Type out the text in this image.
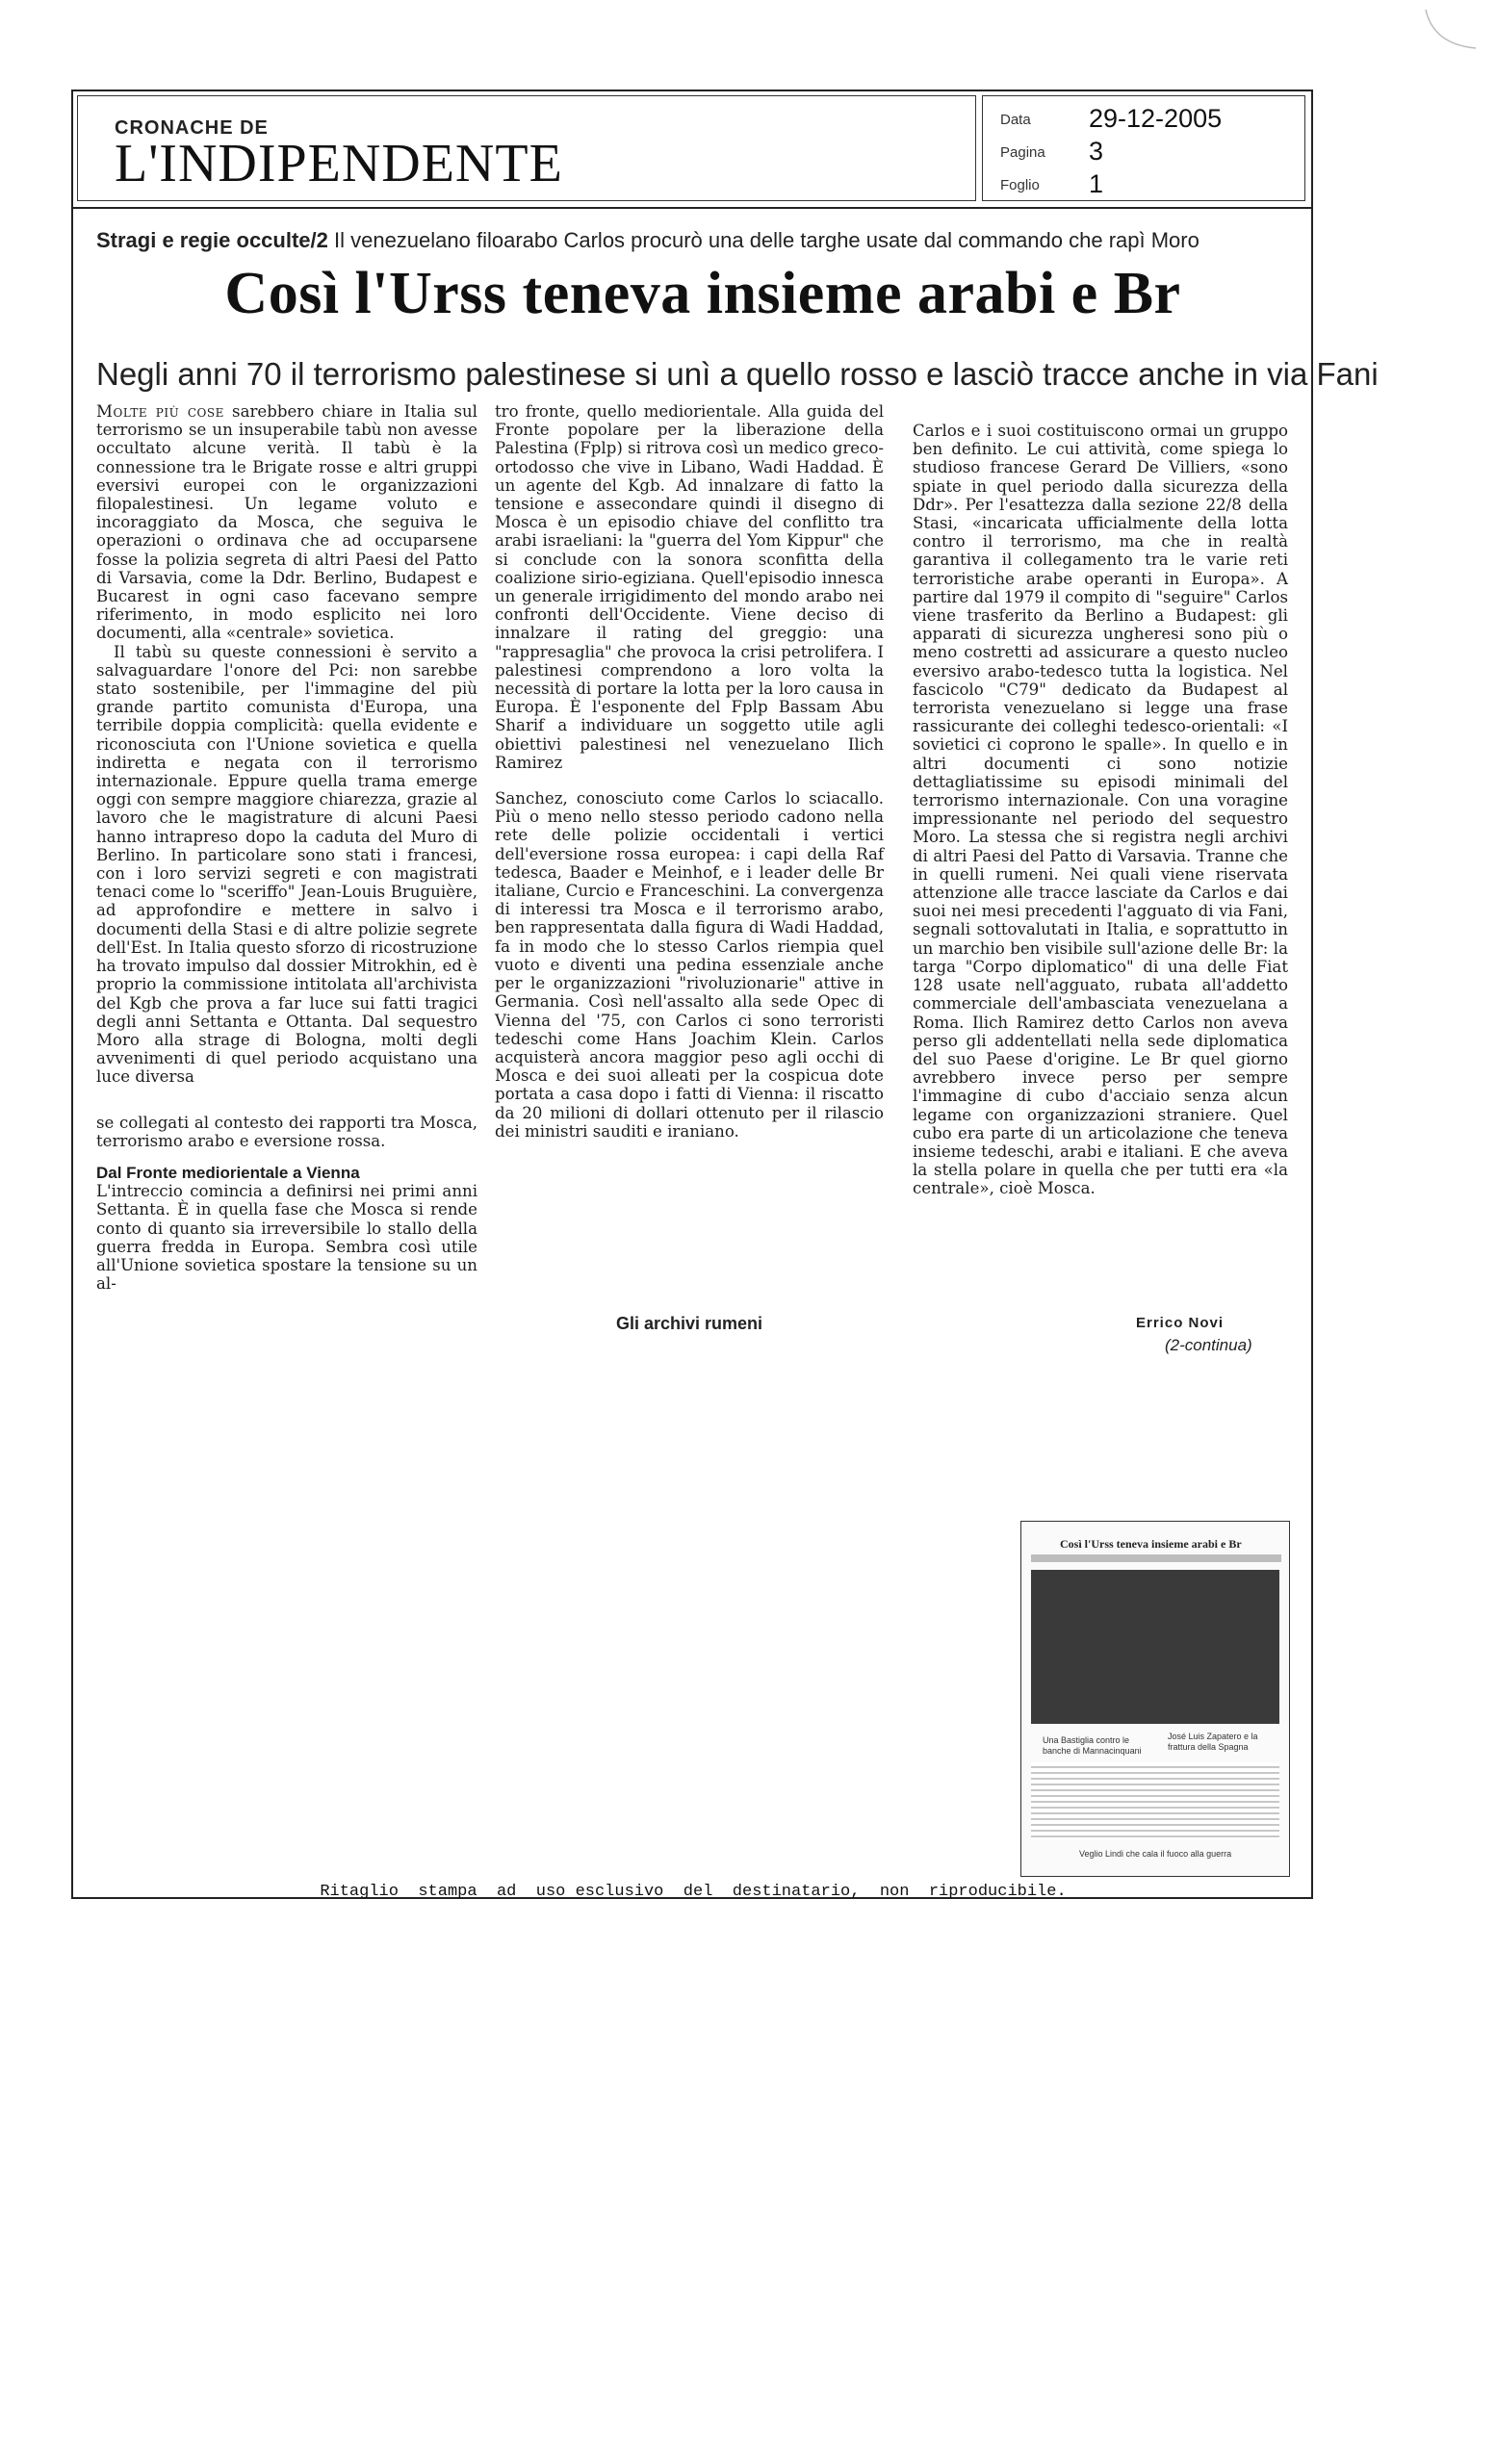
CRONACHE DE
L'INDIPENDENTE
Data 29-12-2005
Pagina 3
Foglio 1
Stragi e regie occulte/2 Il venezuelano filoarabo Carlos procurò una delle targhe usate dal commando che rapì Moro
Così l'Urss teneva insieme arabi e Br
Negli anni 70 il terrorismo palestinese si unì a quello rosso e lasciò tracce anche in via Fani

Molte più cose sarebbero chiare in Italia sul terrorismo se un insuperabile tabù non avesse occultato alcune verità. Il tabù è la connessione tra le Brigate rosse e altri gruppi eversivi europei con le organizzazioni filopalestinesi. Un legame voluto e incoraggiato da Mosca, che seguiva le operazioni o ordinava che ad occuparsene fosse la polizia segreta di altri Paesi del Patto di Varsavia, come la Ddr. Berlino, Budapest e Bucarest in ogni caso facevano sempre riferimento, in modo esplicito nei loro documenti, alla «centrale» sovietica.

Il tabù su queste connessioni è servito a salvaguardare l'onore del Pci: non sarebbe stato sostenibile, per l'immagine del più grande partito comunista d'Europa, una terribile doppia complicità: quella evidente e riconosciuta con l'Unione sovietica e quella indiretta e negata con il terrorismo internazionale. Eppure quella trama emerge oggi con sempre maggiore chiarezza, grazie al lavoro che le magistrature di alcuni Paesi hanno intrapreso dopo la caduta del Muro di Berlino. In particolare sono stati i francesi, con i loro servizi segreti e con magistrati tenaci come lo "sceriffo" Jean-Louis Bruguière, ad approfondire e mettere in salvo i documenti della Stasi e di altre polizie segrete dell'Est. In Italia questo sforzo di ricostruzione ha trovato impulso dal dossier Mitrokhin, ed è proprio la commissione intitolata all'archivista del Kgb che prova a far luce sui fatti tragici degli anni Settanta e Ottanta. Dal sequestro Moro alla strage di Bologna, molti degli avvenimenti di quel periodo acquistano una luce diversa

se collegati al contesto dei rapporti tra Mosca, terrorismo arabo e eversione rossa.

Dal Fronte mediorientale a Vienna

L'intreccio comincia a definirsi nei primi anni Settanta. È in quella fase che Mosca si rende conto di quanto sia irreversibile lo stallo della guerra fredda in Europa. Sembra così utile all'Unione sovietica spostare la tensione su un al-

tro fronte, quello mediorientale. Alla guida del Fronte popolare per la liberazione della Palestina (Fplp) si ritrova così un medico greco-ortodosso che vive in Libano, Wadi Haddad. È un agente del Kgb. Ad innalzare di fatto la tensione e assecondare quindi il disegno di Mosca è un episodio chiave del conflitto tra arabi israeliani: la "guerra del Yom Kippur" che si conclude con la sonora sconfitta della coalizione sirio-egiziana. Quell'episodio innesca un generale irrigidimento del mondo arabo nei confronti dell'Occidente. Viene deciso di innalzare il rating del greggio: una "rappresaglia" che provoca la crisi petrolifera. I palestinesi comprendono a loro volta la necessità di portare la lotta per la loro causa in Europa. È l'esponente del Fplp Bassam Abu Sharif a individuare un soggetto utile agli obiettivi palestinesi nel venezuelano Ilich Ramirez

Sanchez, conosciuto come Carlos lo sciacallo. Più o meno nello stesso periodo cadono nella rete delle polizie occidentali i vertici dell'eversione rossa europea: i capi della Raf tedesca, Baader e Meinhof, e i leader delle Br italiane, Curcio e Franceschini. La convergenza di interessi tra Mosca e il terrorismo arabo, ben rappresentata dalla figura di Wadi Haddad, fa in modo che lo stesso Carlos riempia quel vuoto e diventi una pedina essenziale anche per le organizzazioni "rivoluzionarie" attive in Germania. Così nell'assalto alla sede Opec di Vienna del '75, con Carlos ci sono terroristi tedeschi come Hans Joachim Klein. Carlos acquisterà ancora maggior peso agli occhi di Mosca e dei suoi alleati per la cospicua dote portata a casa dopo i fatti di Vienna: il riscatto da 20 milioni di dollari ottenuto per il rilascio dei ministri sauditi e iraniano.

Gli archivi rumeni

Carlos e i suoi costituiscono ormai un gruppo ben definito. Le cui attività, come spiega lo studioso francese Gerard De Villiers, «sono spiate in quel periodo dalla sicurezza della Ddr». Per l'esattezza dalla sezione 22/8 della Stasi, «incaricata ufficialmente della lotta contro il terrorismo, ma che in realtà garantiva il collegamento tra le varie reti terroristiche arabe operanti in Europa». A partire dal 1979 il compito di "seguire" Carlos viene trasferito da Berlino a Budapest: gli apparati di sicurezza ungheresi sono più o meno costretti ad assicurare a questo nucleo eversivo arabo-tedesco tutta la logistica. Nel fascicolo "C79" dedicato da Budapest al terrorista venezuelano si legge una frase rassicurante dei colleghi tedesco-orientali: «I sovietici ci coprono le spalle». In quello e in altri documenti ci sono notizie dettagliatissime su episodi minimali del terrorismo internazionale. Con una voragine impressionante nel periodo del sequestro Moro. La stessa che si registra negli archivi di altri Paesi del Patto di Varsavia. Tranne che in quelli rumeni. Nei quali viene riservata attenzione alle tracce lasciate da Carlos e dai suoi nei mesi precedenti l'agguato di via Fani, segnali sottovalutati in Italia, e soprattutto in un marchio ben visibile sull'azione delle Br: la targa "Corpo diplomatico" di una delle Fiat 128 usate nell'agguato, rubata all'addetto commerciale dell'ambasciata venezuelana a Roma. Ilich Ramirez detto Carlos non aveva perso gli addentellati nella sede diplomatica del suo Paese d'origine. Le Br quel giorno avrebbero invece perso per sempre l'immagine di cubo d'acciaio senza alcun legame con organizzazioni straniere. Quel cubo era parte di un articolazione che teneva insieme tedeschi, arabi e italiani. E che aveva la stella polare in quella che per tutti era «la centrale», cioè Mosca.

Errico Novi
(2-continua)
Così l'Urss teneva insieme arabi e Br
Una Bastiglia contro le banche di Mannacinquani
José Luis Zapatero e la frattura della Spagna
Veglio Lindi che cala il fuoco alla guerra
Ritaglio  stampa  ad  uso esclusivo  del  destinatario,  non  riproducibile.
